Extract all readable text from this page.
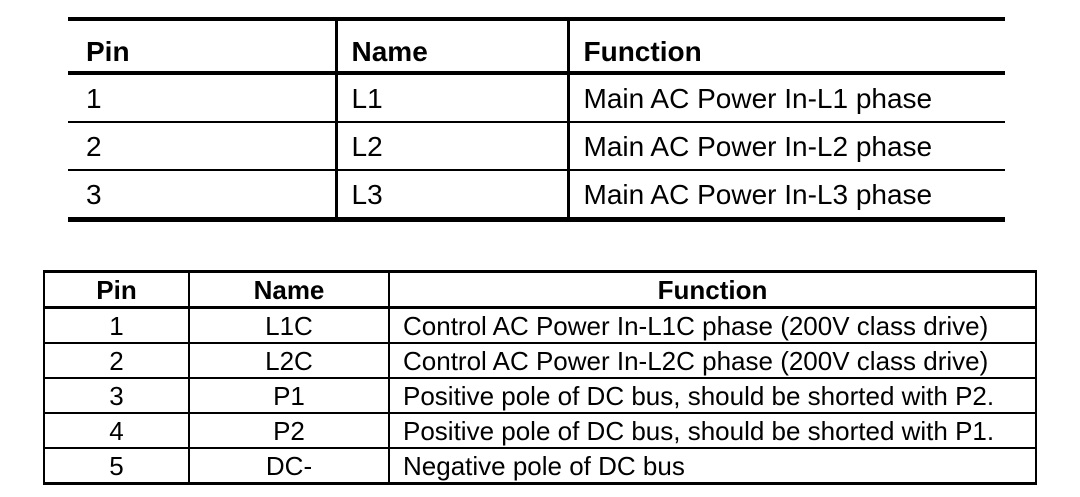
Pin	Name	Function
1	L1	Main AC Power In-L1 phase
2	L2	Main AC Power In-L2 phase
3	L3	Main AC Power In-L3 phase
Pin	Name	Function
1	L1C	Control AC Power In-L1C phase (200V class drive)
2	L2C	Control AC Power In-L2C phase (200V class drive)
3	P1	Positive pole of DC bus, should be shorted with P2.
4	P2	Positive pole of DC bus, should be shorted with P1.
5	DC-	Negative pole of DC bus
